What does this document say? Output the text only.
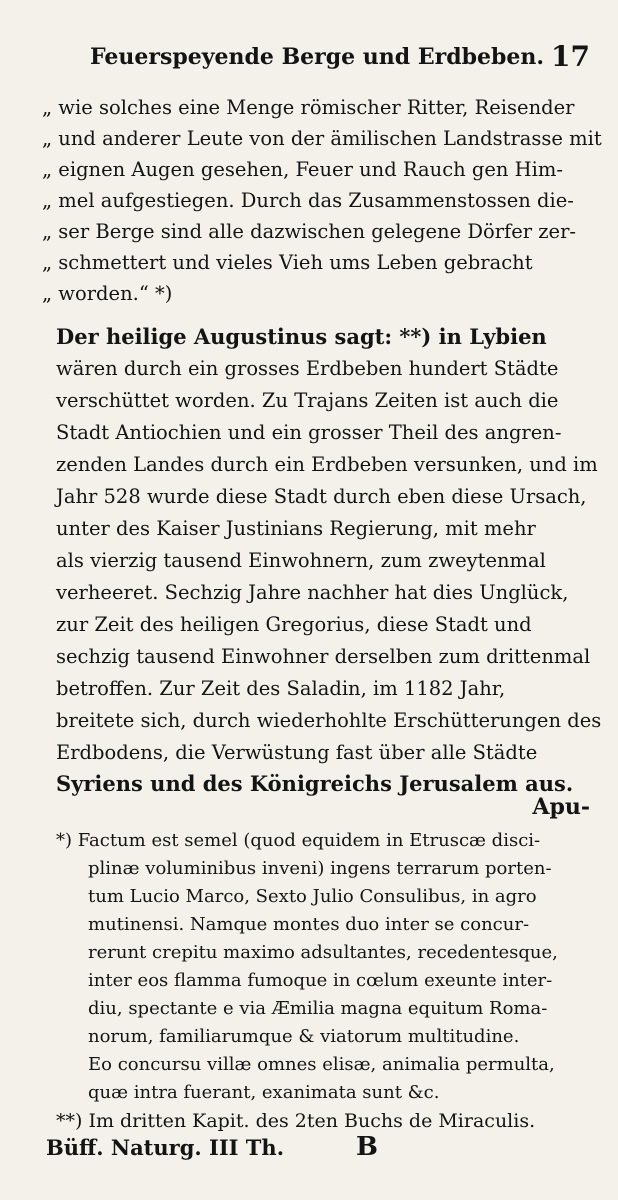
Feuerspeyende Berge und Erdbeben. 17
„ wie solches eine Menge römischer Ritter, Reisender
„ und anderer Leute von der ämilischen Landstrasse mit
„ eignen Augen gesehen, Feuer und Rauch gen Him-
„ mel aufgestiegen. Durch das Zusammenstossen die-
„ ser Berge sind alle dazwischen gelegene Dörfer zer-
„ schmettert und vieles Vieh ums Leben gebracht
„ worden.“ *)
Der heilige Augustinus sagt: **) in Lybien
wären durch ein grosses Erdbeben hundert Städte
verschüttet worden. Zu Trajans Zeiten ist auch die
Stadt Antiochien und ein grosser Theil des angren-
zenden Landes durch ein Erdbeben versunken, und im
Jahr 528 wurde diese Stadt durch eben diese Ursach,
unter des Kaiser Justinians Regierung, mit mehr
als vierzig tausend Einwohnern, zum zweytenmal
verheeret. Sechzig Jahre nachher hat dies Unglück,
zur Zeit des heiligen Gregorius, diese Stadt und
sechzig tausend Einwohner derselben zum drittenmal
betroffen. Zur Zeit des Saladin, im 1182 Jahr,
breitete sich, durch wiederhohlte Erschütterungen des
Erdbodens, die Verwüstung fast über alle Städte
Syriens und des Königreichs Jerusalem aus.
Apu-
*) Factum est semel (quod equidem in Etruscæ disci-
plinæ voluminibus inveni) ingens terrarum porten-
tum Lucio Marco, Sexto Julio Consulibus, in agro
mutinensi. Namque montes duo inter se concur-
rerunt crepitu maximo adsultantes, recedentesque,
inter eos flamma fumoque in cœlum exeunte inter-
diu, spectante e via Æmilia magna equitum Roma-
norum, familiarumque & viatorum multitudine.
Eo concursu villæ omnes elisæ, animalia permulta,
quæ intra fuerant, exanimata sunt &c.
**) Im dritten Kapit. des 2ten Buchs de Miraculis.
Büff. Naturg. III Th.	B
